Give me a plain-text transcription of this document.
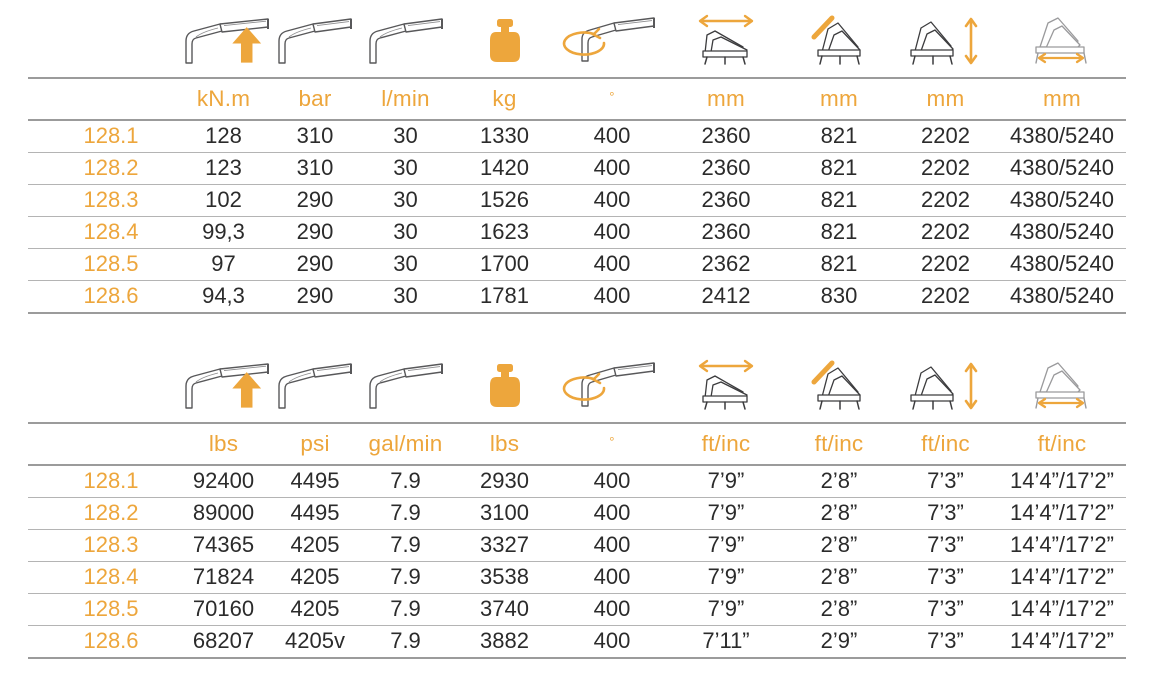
	kN.m	bar	l/min	kg	°	mm	mm	mm	mm
128.1	128	310	30	1330	400	2360	821	2202	4380/5240
128.2	123	310	30	1420	400	2360	821	2202	4380/5240
128.3	102	290	30	1526	400	2360	821	2202	4380/5240
128.4	99,3	290	30	1623	400	2360	821	2202	4380/5240
128.5	97	290	30	1700	400	2362	821	2202	4380/5240
128.6	94,3	290	30	1781	400	2412	830	2202	4380/5240

	lbs	psi	gal/min	lbs	°	ft/inc	ft/inc	ft/inc	ft/inc
128.1	92400	4495	7.9	2930	400	7’9”	2’8”	7’3”	14’4”/17’2”
128.2	89000	4495	7.9	3100	400	7’9”	2’8”	7’3”	14’4”/17’2”
128.3	74365	4205	7.9	3327	400	7’9”	2’8”	7’3”	14’4”/17’2”
128.4	71824	4205	7.9	3538	400	7’9”	2’8”	7’3”	14’4”/17’2”
128.5	70160	4205	7.9	3740	400	7’9”	2’8”	7’3”	14’4”/17’2”
128.6	68207	4205v	7.9	3882	400	7’11”	2’9”	7’3”	14’4”/17’2”
